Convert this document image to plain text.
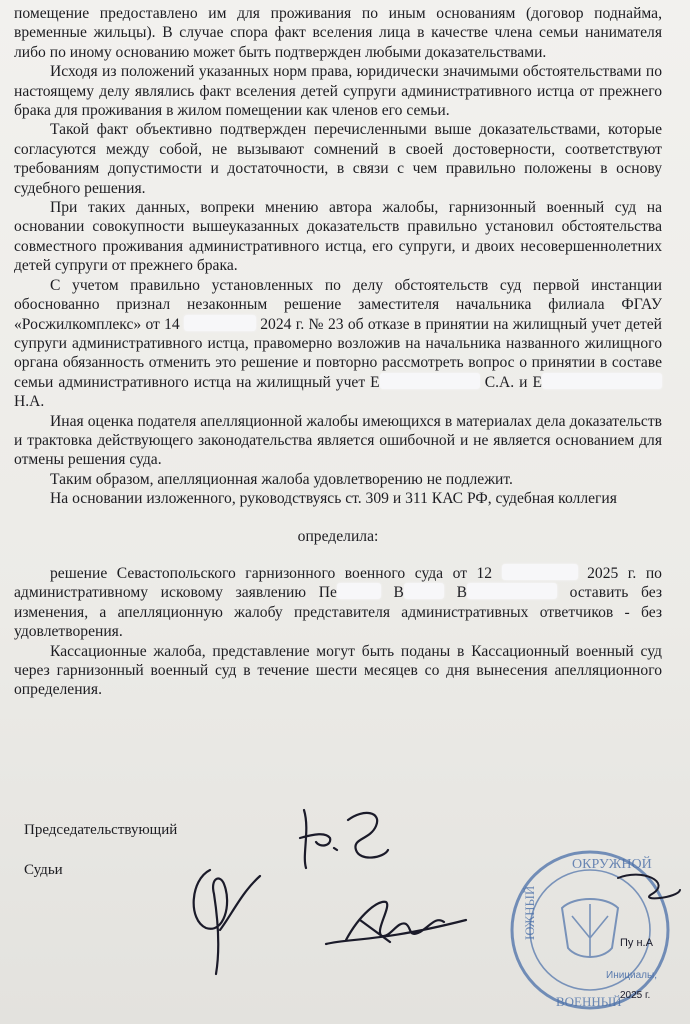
помещение предоставлено им для проживания по иным основаниям (договор поднайма, временные жильцы). В случае спора факт вселения лица в качестве члена семьи нанимателя либо по иному основанию может быть подтвержден любыми доказательствами.

Исходя из положений указанных норм права, юридически значимыми обстоятельствами по настоящему делу являлись факт вселения детей супруги административного истца от прежнего брака для проживания в жилом помещении как членов его семьи.

Такой факт объективно подтвержден перечисленными выше доказательствами, которые согласуются между собой, не вызывают сомнений в своей достоверности, соответствуют требованиям допустимости и достаточности, в связи с чем правильно положены в основу судебного решения.

При таких данных, вопреки мнению автора жалобы, гарнизонный военный суд на основании совокупности вышеуказанных доказательств правильно установил обстоятельства совместного проживания административного истца, его супруги, и двоих несовершеннолетних детей супруги от прежнего брака.

С учетом правильно установленных по делу обстоятельств суд первой инстанции обоснованно признал незаконным решение заместителя начальника филиала ФГАУ «Росжилкомплекс» от 14	2024 г. № 23 об отказе в принятии на жилищный учет детей супруги административного истца, правомерно возложив на начальника названного жилищного органа обязанность отменить это решение и повторно рассмотреть вопрос о принятии в составе семьи административного истца на жилищный учет Е	С.А. и Е Н.А.

Иная оценка подателя апелляционной жалобы имеющихся в материалах дела доказательств и трактовка действующего законодательства является ошибочной и не является основанием для отмены решения суда.

Таким образом, апелляционная жалоба удовлетворению не подлежит.

На основании изложенного, руководствуясь ст. 309 и 311 КАС РФ, судебная коллегия

определила:

решение Севастопольского гарнизонного военного суда от 12	2025 г. по административному исковому заявлению Пе	В	В	оставить без изменения, а апелляционную жалобу представителя административных ответчиков - без удовлетворения.

Кассационные жалоба, представление могут быть поданы в Кассационный военный суд через гарнизонный военный суд в течение шести месяцев со дня вынесения апелляционного определения.

Председательствующий
Судьи	ОКРУЖНОЙ
ЮЖНЫЙ
ВОЕННЫЙ
Пу н.А
Инициалы,
2025 г.
